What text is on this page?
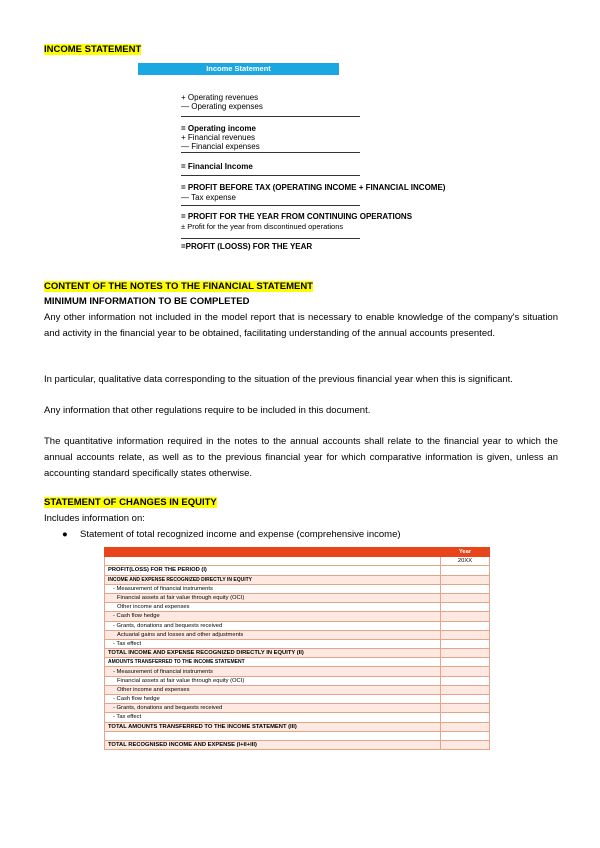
INCOME STATEMENT
Income Statement
+ Operating revenues
— Operating expenses
= Operating income
+ Financial revenues
— Financial expenses
= Financial Income
= PROFIT BEFORE TAX (OPERATING INCOME + FINANCIAL INCOME)
— Tax expense
= PROFIT FOR THE YEAR FROM CONTINUING OPERATIONS
± Profit for the year from discontinued operations
=PROFIT (LOOSS) FOR THE YEAR
CONTENT OF THE NOTES TO THE FINANCIAL STATEMENT
MINIMUM INFORMATION TO BE COMPLETED
Any other information not included in the model report that is necessary to enable knowledge of the company's situation and activity in the financial year to be obtained, facilitating understanding of the annual accounts presented.
In particular, qualitative data corresponding to the situation of the previous financial year when this is significant.
Any information that other regulations require to be included in this document.
The quantitative information required in the notes to the annual accounts shall relate to the financial year to which the annual accounts relate, as well as to the previous financial year for which comparative information is given, unless an accounting standard specifically states otherwise.
STATEMENT OF CHANGES IN EQUITY
Includes information on:
● Statement of total recognized income and expense (comprehensive income)
	Year
	20XX
PROFIT(LOSS) FOR THE PERIOD (I)	
INCOME AND EXPENSE RECOGNIZED DIRECTLY IN EQUITY	
- Measurement of financial instruments	
Financial assets at fair value through equity (OCI)	
Other income and expenses	
- Cash flow hedge	
- Grants, donations and bequests received	
Actuarial gains and losses and other adjustments	
- Tax effect	
TOTAL INCOME AND EXPENSE RECOGNIZED DIRECTLY IN EQUITY (II)	
AMOUNTS TRANSFERRED TO THE INCOME STATEMENT	
- Measurement of financial instruments	
Financial assets at fair value through equity (OCI)	
Other income and expenses	
- Cash flow hedge	
- Grants, donations and bequests received	
- Tax effect	
TOTAL AMOUNTS TRANSFERRED TO THE INCOME STATEMENT (III)	

TOTAL RECOGNISED INCOME AND EXPENSE (I+II+III)	
